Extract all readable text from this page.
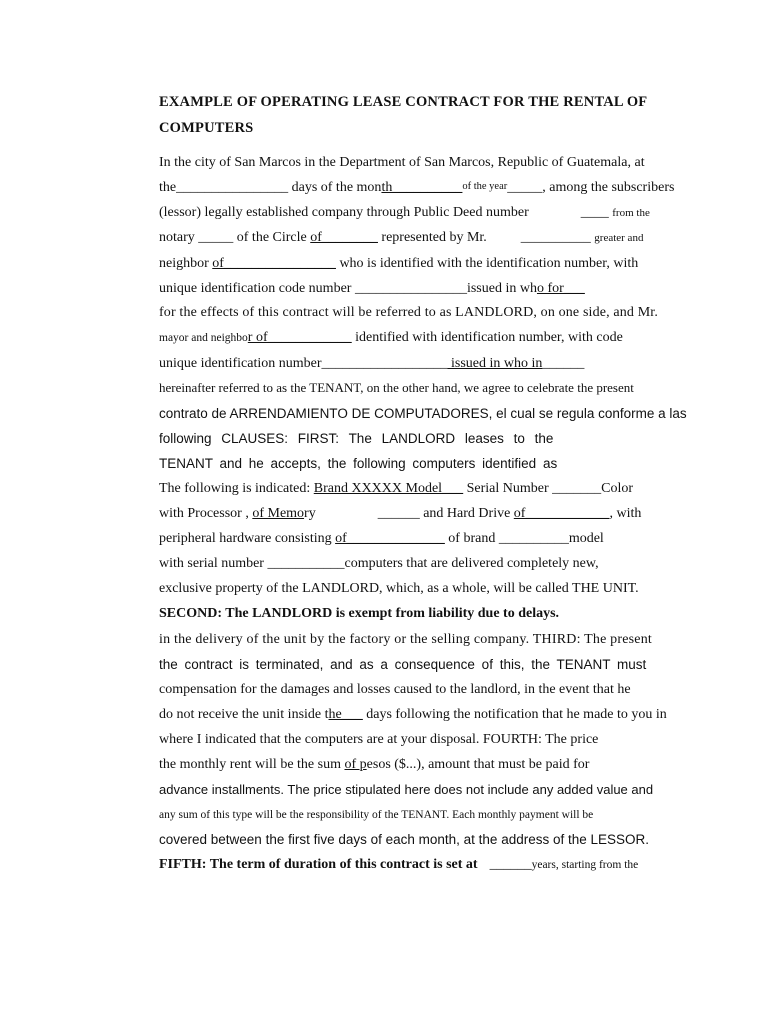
EXAMPLE OF OPERATING LEASE CONTRACT FOR THE RENTAL OF
COMPUTERS
In the city of San Marcos in the Department of San Marcos, Republic of Guatemala, at
the________________ days of the month__________of the year_____, among the subscribers
(lessor) legally established company through Public Deed number	____ from the
notary _____ of the Circle of________ represented by Mr. __________ greater and
neighbor of________________ who is identified with the identification number, with
unique identification code number ________________issued in who for___
for the effects of this contract will be referred to as LANDLORD, on one side, and Mr.
mayor and neighbor of____________ identified with identification number, with code
unique identification number__________________ issued in who in______
hereinafter referred to as the TENANT, on the other hand, we agree to celebrate the present
contrato de ARRENDAMIENTO DE COMPUTADORES, el cual se regula conforme a las
following CLAUSES: FIRST: The LANDLORD leases to the
TENANT and he accepts, the following computers identified as
The following is indicated: Brand XXXXX Model___ Serial Number _______Color
with Processor , of Memory	______ and Hard Drive of____________, with
peripheral hardware consisting of______________ of brand __________model
with serial number ___________computers that are delivered completely new,
exclusive property of the LANDLORD, which, as a whole, will be called THE UNIT.
SECOND: The LANDLORD is exempt from liability due to delays.
in the delivery of the unit by the factory or the selling company. THIRD: The present
the contract is terminated, and as a consequence of this, the TENANT must
compensation for the damages and losses caused to the landlord, in the event that he
do not receive the unit inside the___ days following the notification that he made to you in
where I indicated that the computers are at your disposal. FOURTH: The price
the monthly rent will be the sum of pesos ($...), amount that must be paid for
advance installments. The price stipulated here does not include any added value and
any sum of this type will be the responsibility of the TENANT. Each monthly payment will be
covered between the first five days of each month, at the address of the LESSOR.
FIFTH: The term of duration of this contract is set at ______years, starting from the
